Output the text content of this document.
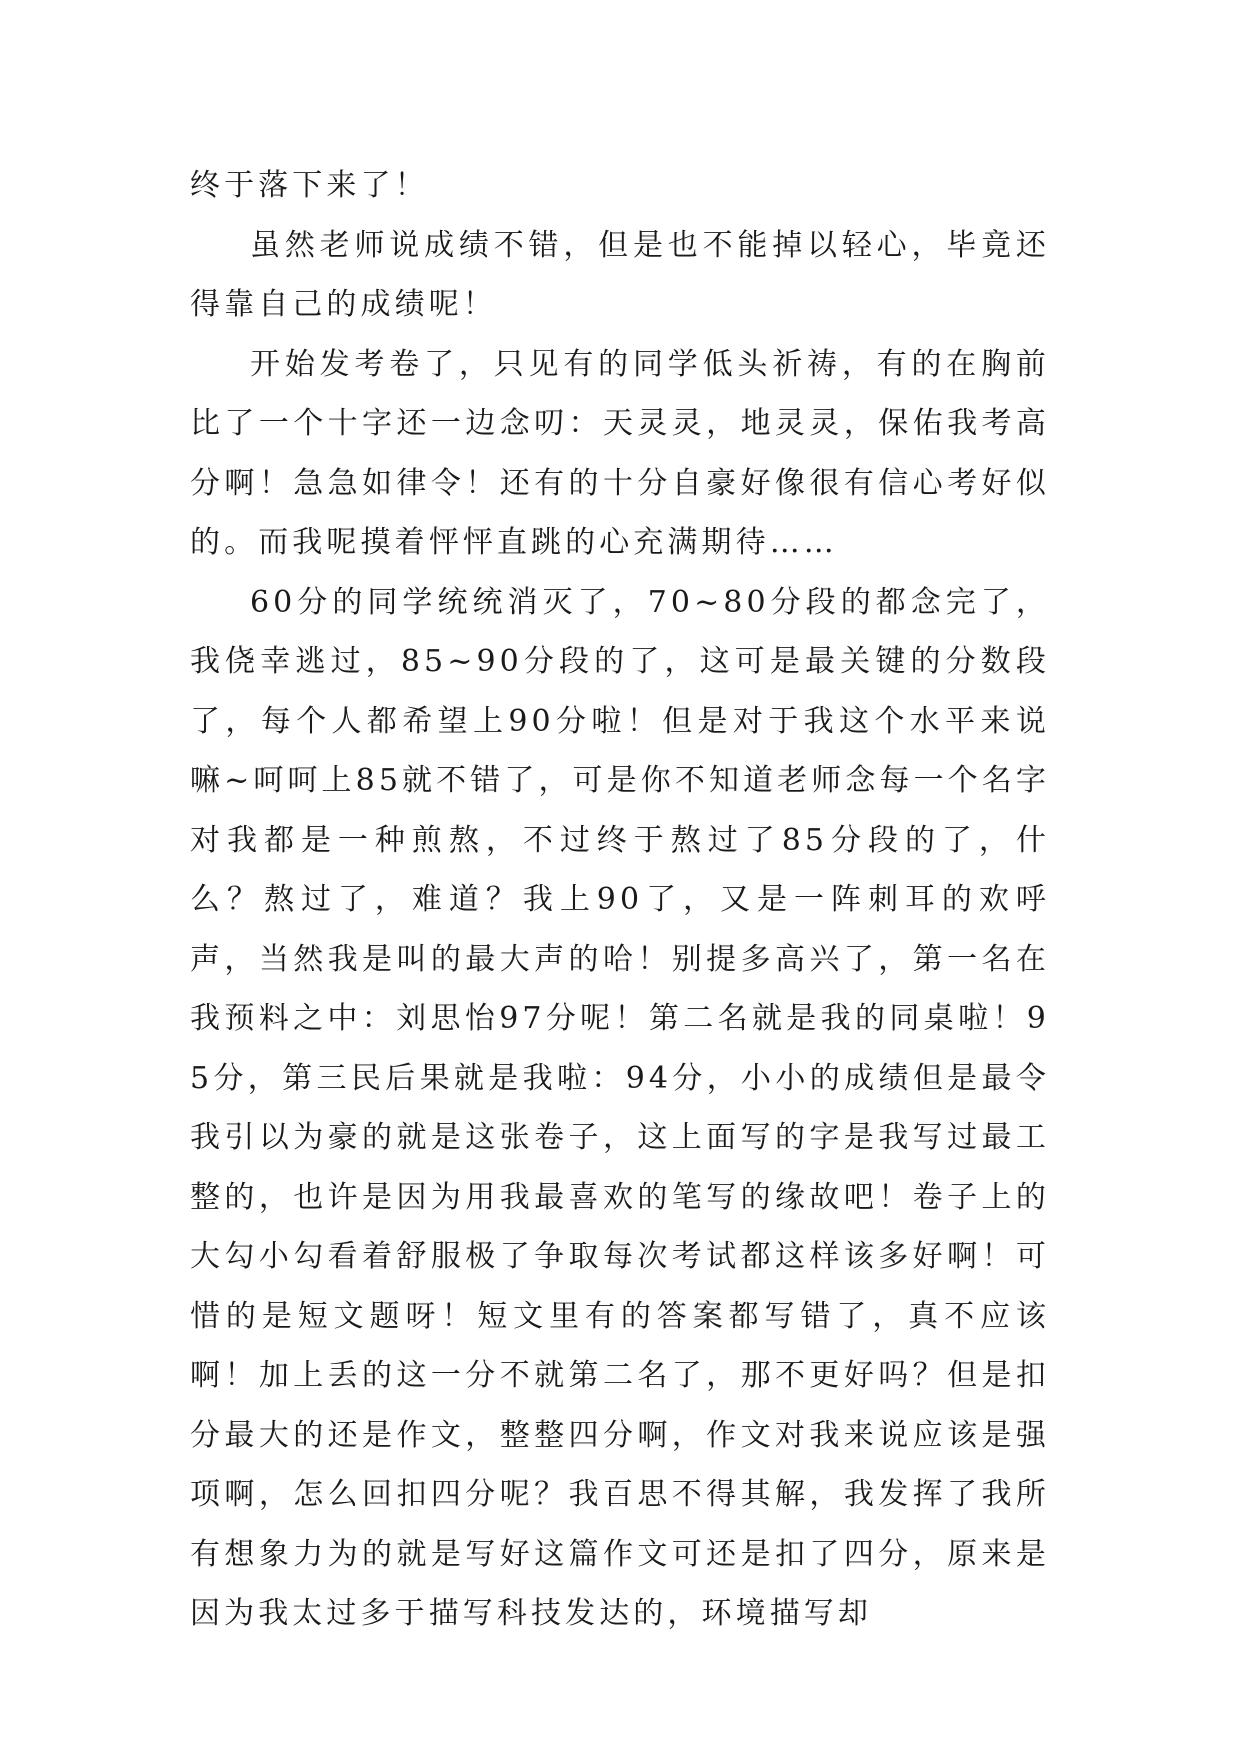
终于落下来了！

虽然老师说成绩不错，但是也不能掉以轻心，毕竟还得靠自己的成绩呢！

开始发考卷了，只见有的同学低头祈祷，有的在胸前比了一个十字还一边念叨：天灵灵，地灵灵，保佑我考高分啊！急急如律令！还有的十分自豪好像很有信心考好似的。而我呢摸着怦怦直跳的心充满期待……

60分的同学统统消灭了，70~80分段的都念完了，我侥幸逃过，85~90分段的了，这可是最关键的分数段了，每个人都希望上90分啦！但是对于我这个水平来说嘛~呵呵上85就不错了，可是你不知道老师念每一个名字对我都是一种煎熬，不过终于熬过了85分段的了，什么？熬过了，难道？我上90了，又是一阵刺耳的欢呼声，当然我是叫的最大声的哈！别提多高兴了，第一名在我预料之中：刘思怡97分呢！第二名就是我的同桌啦！95分，第三民后果就是我啦：94分，小小的成绩但是最令我引以为豪的就是这张卷子，这上面写的字是我写过最工整的，也许是因为用我最喜欢的笔写的缘故吧！卷子上的大勾小勾看着舒服极了争取每次考试都这样该多好啊！可惜的是短文题呀！短文里有的答案都写错了，真不应该啊！加上丢的这一分不就第二名了，那不更好吗？但是扣分最大的还是作文，整整四分啊，作文对我来说应该是强项啊，怎么回扣四分呢？我百思不得其解，我发挥了我所有想象力为的就是写好这篇作文可还是扣了四分，原来是因为我太过多于描写科技发达的，环境描写却
